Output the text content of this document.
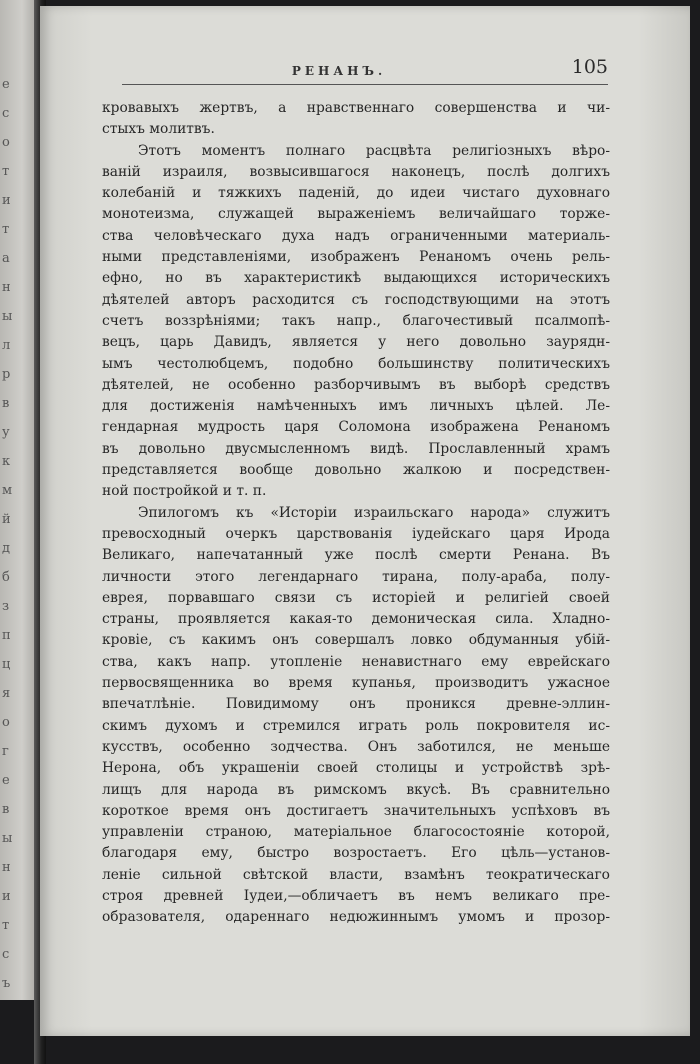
е
с
о
т
и
т
а
н
ы
л
р
в
у
к
м
й
д
б
з
п
ц
я
о
г
е
в
ы
н
и
т
с
ъ
РЕНАНЪ.	105
кровавыхъ жертвъ, а нравственнаго совершенства и чи-
стыхъ молитвъ.
Этотъ моментъ полнаго расцвѣта религiозныхъ вѣро-
ванiй израиля, возвысившагося наконецъ, послѣ долгихъ
колебанiй и тяжкихъ паденiй, до идеи чистаго духовнаго
монотеизма, служащей выраженiемъ величайшаго торже-
ства человѣческаго духа надъ ограниченными материаль-
ными представленiями, изображенъ Ренаномъ очень рель-
ефно, но въ характеристикѣ выдающихся историческихъ
дѣятелей авторъ расходится съ господствующими на этотъ
счетъ воззрѣнiями; такъ напр., благочестивый псалмопѣ-
вецъ, царь Давидъ, является у него довольно заурядн-
ымъ честолюбцемъ, подобно большинству политическихъ
дѣятелей, не особенно разборчивымъ въ выборѣ средствъ
для достиженiя намѣченныхъ имъ личныхъ цѣлей. Ле-
гендарная мудрость царя Соломона изображена Ренаномъ
въ довольно двусмысленномъ видѣ. Прославленный храмъ
представляется вообще довольно жалкою и посредствен-
ной постройкой и т. п.
Эпилогомъ къ «Исторiи израильскаго народа» служитъ
превосходный очеркъ царствованiя iудейскаго царя Ирода
Великаго, напечатанный уже послѣ смерти Ренана. Въ
личности этого легендарнаго тирана, полу-араба, полу-
еврея, порвавшаго связи съ исторiей и религiей своей
страны, проявляется какая-то демоническая сила. Хладно-
кровiе, съ какимъ онъ совершалъ ловко обдуманныя убiй-
ства, какъ напр. утопленiе ненавистнаго ему еврейскаго
первосвященника во время купанья, производитъ ужасное
впечатлѣнiе. Повидимому онъ проникся древне-эллин-
скимъ духомъ и стремился играть роль покровителя ис-
кусствъ, особенно зодчества. Онъ заботился, не меньше
Нерона, объ украшенiи своей столицы и устройствѣ зрѣ-
лищъ для народа въ римскомъ вкусѣ. Въ сравнительно
короткое время онъ достигаетъ значительныхъ успѣховъ въ
управленiи страною, матерiальное благосостоянiе которой,
благодаря ему, быстро возростаетъ. Его цѣль—установ-
ленiе сильной свѣтской власти, взамѣнъ теократическаго
строя древней Iудеи,—обличаетъ въ немъ великаго пре-
образователя, одареннаго недюжиннымъ умомъ и прозор-
